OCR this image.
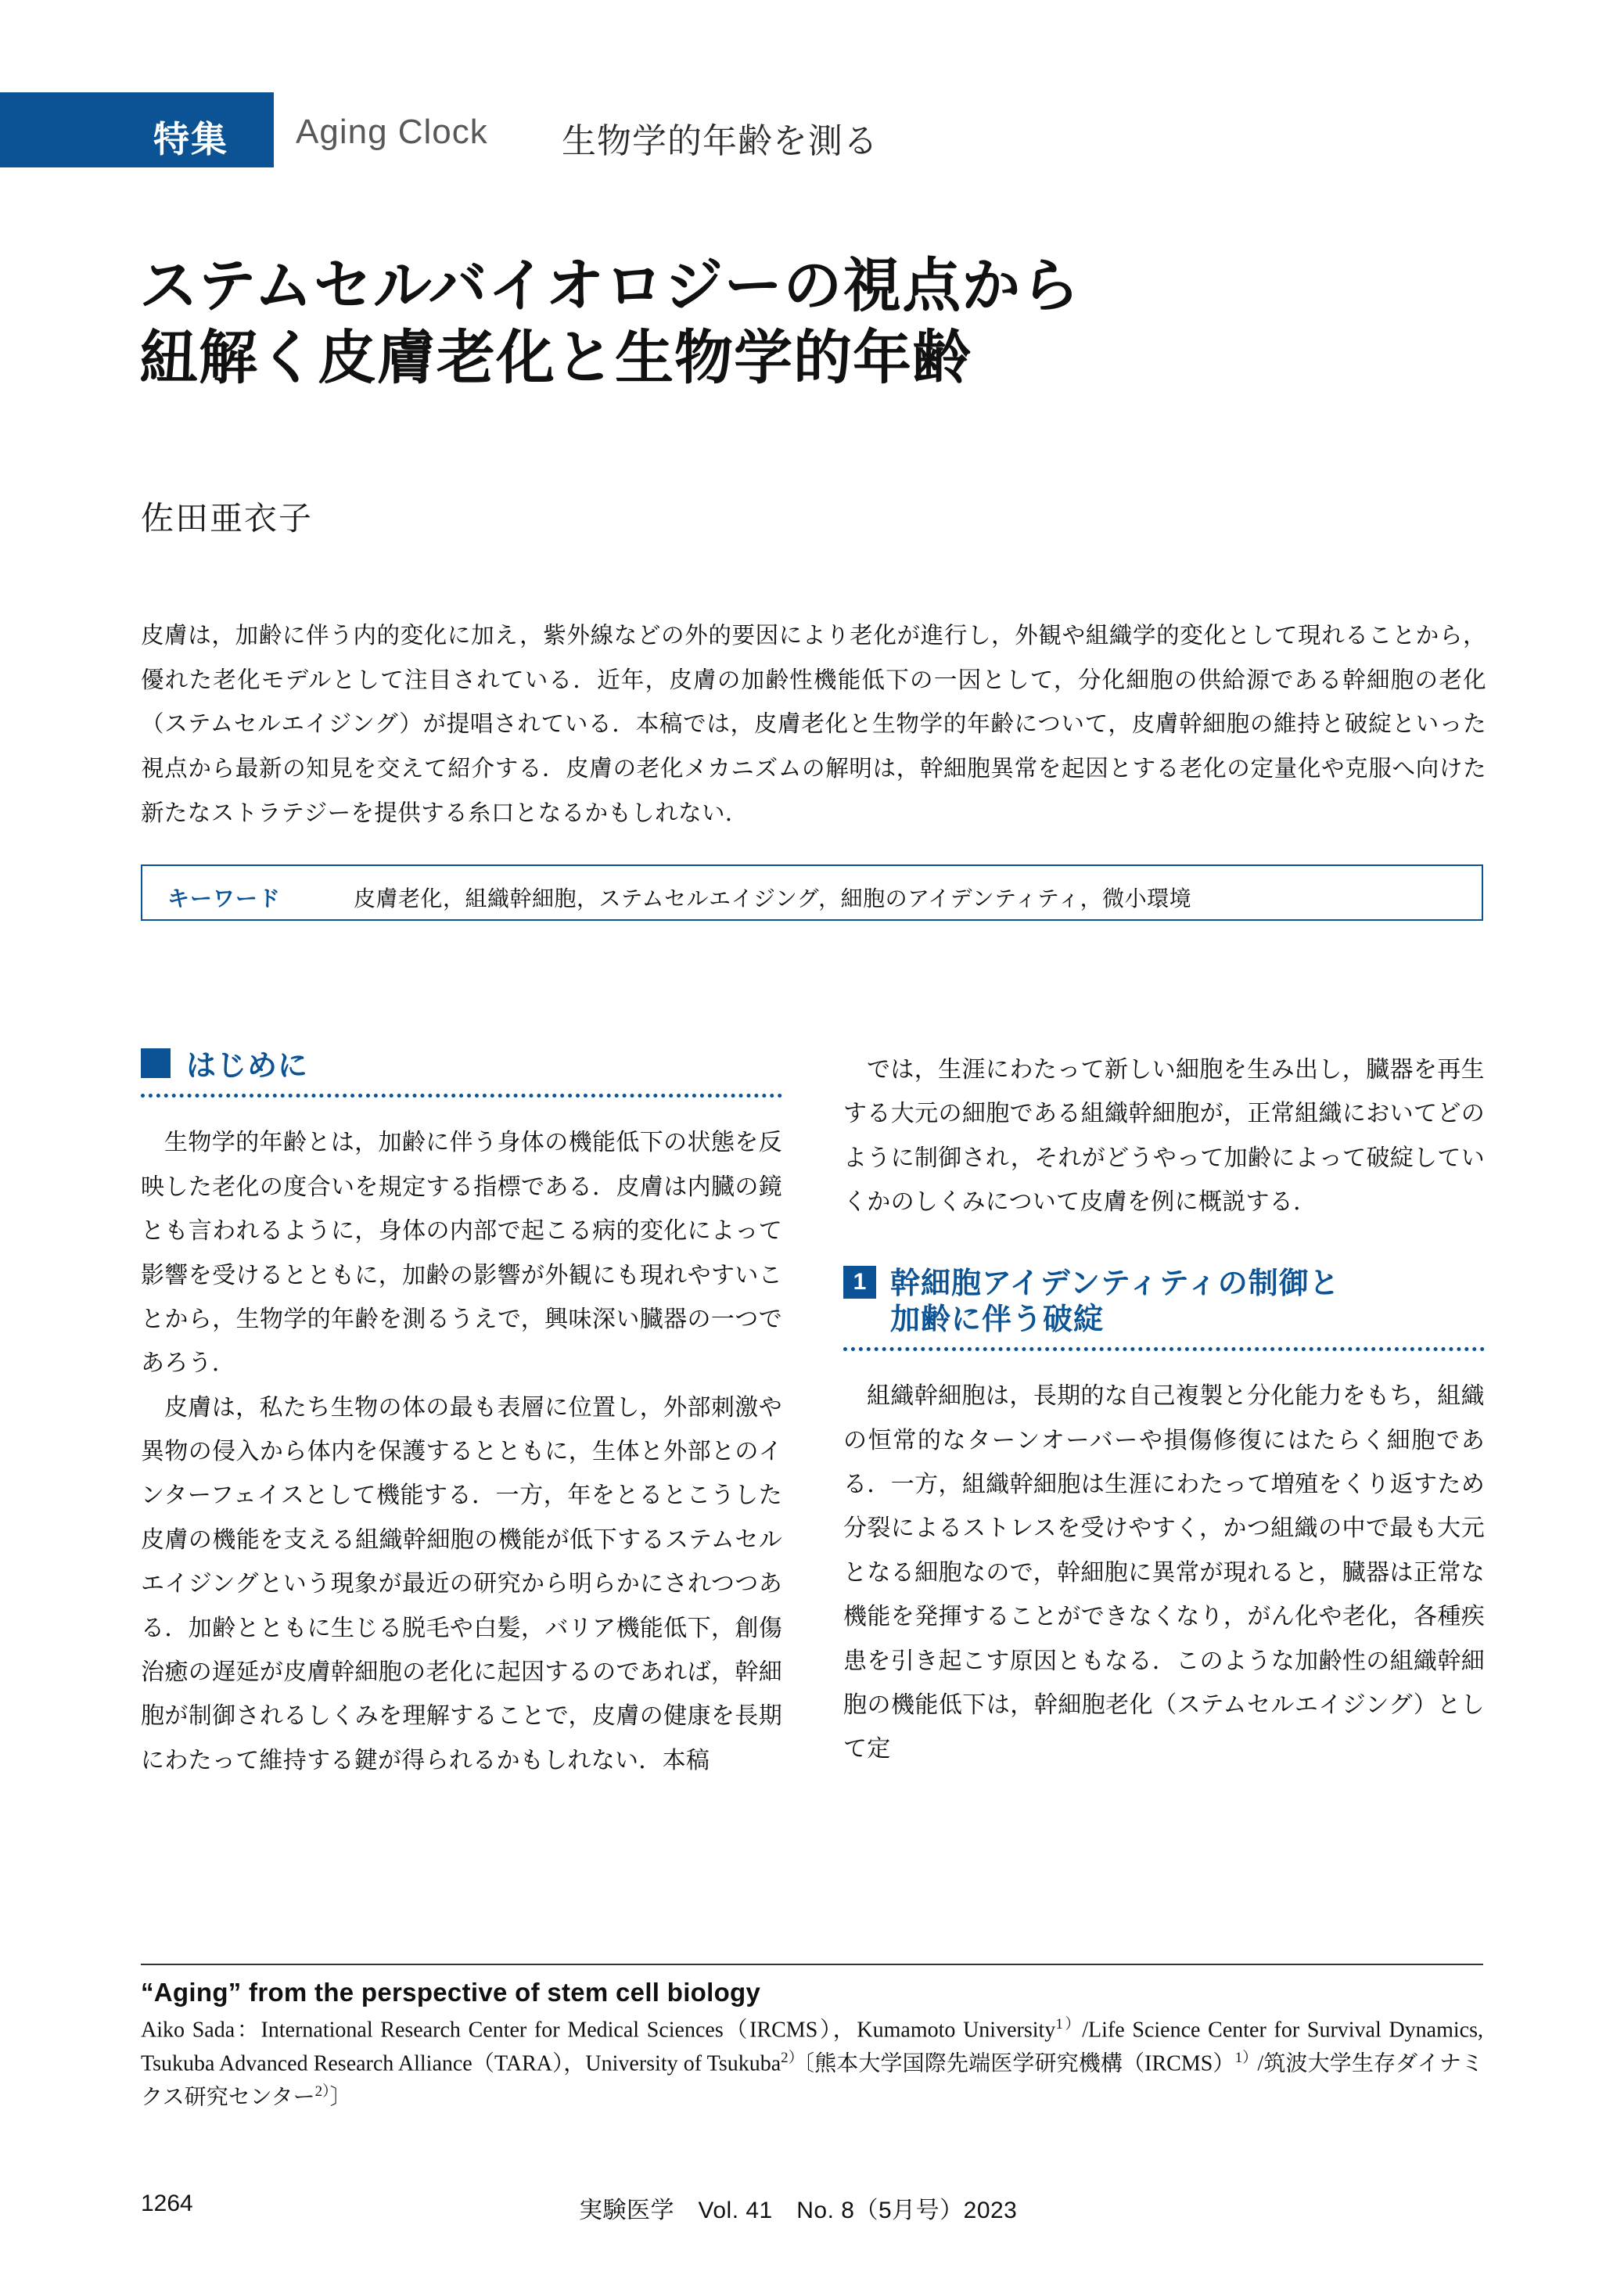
特集 Aging Clock 生物学的年齢を測る
ステムセルバイオロジーの視点から
紐解く皮膚老化と生物学的年齢
佐田亜衣子
皮膚は，加齢に伴う内的変化に加え，紫外線などの外的要因により老化が進行し，外観や組織学的変化として現れることから，優れた老化モデルとして注目されている．近年，皮膚の加齢性機能低下の一因として，分化細胞の供給源である幹細胞の老化（ステムセルエイジング）が提唱されている．本稿では，皮膚老化と生物学的年齢について，皮膚幹細胞の維持と破綻といった視点から最新の知見を交えて紹介する．皮膚の老化メカニズムの解明は，幹細胞異常を起因とする老化の定量化や克服へ向けた新たなストラテジーを提供する糸口となるかもしれない．
キーワード	皮膚老化，組織幹細胞，ステムセルエイジング，細胞のアイデンティティ，微小環境
はじめに

生物学的年齢とは，加齢に伴う身体の機能低下の状態を反映した老化の度合いを規定する指標である．皮膚は内臓の鏡とも言われるように，身体の内部で起こる病的変化によって影響を受けるとともに，加齢の影響が外観にも現れやすいことから，生物学的年齢を測るうえで，興味深い臓器の一つであろう．

皮膚は，私たち生物の体の最も表層に位置し，外部刺激や異物の侵入から体内を保護するとともに，生体と外部とのインターフェイスとして機能する．一方，年をとるとこうした皮膚の機能を支える組織幹細胞の機能が低下するステムセルエイジングという現象が最近の研究から明らかにされつつある．加齢とともに生じる脱毛や白髪，バリア機能低下，創傷治癒の遅延が皮膚幹細胞の老化に起因するのであれば，幹細胞が制御されるしくみを理解することで，皮膚の健康を長期にわたって維持する鍵が得られるかもしれない．本稿

では，生涯にわたって新しい細胞を生み出し，臓器を再生する大元の細胞である組織幹細胞が，正常組織においてどのように制御され，それがどうやって加齢によって破綻していくかのしくみについて皮膚を例に概説する．

1 幹細胞アイデンティティの制御と
加齢に伴う破綻

組織幹細胞は，長期的な自己複製と分化能力をもち，組織の恒常的なターンオーバーや損傷修復にはたらく細胞である．一方，組織幹細胞は生涯にわたって増殖をくり返すため分裂によるストレスを受けやすく，かつ組織の中で最も大元となる細胞なので，幹細胞に異常が現れると，臓器は正常な機能を発揮することができなくなり，がん化や老化，各種疾患を引き起こす原因ともなる．このような加齢性の組織幹細胞の機能低下は，幹細胞老化（ステムセルエイジング）として定

“Aging” from the perspective of stem cell biology
Aiko Sada：International Research Center for Medical Sciences（IRCMS），Kumamoto University$^{1)}$/Life Science Center for Survival Dynamics, Tsukuba Advanced Research Alliance（TARA），University of Tsukuba$^{2)}$〔熊本大学国際先端医学研究機構（IRCMS）$^{1)}$/筑波大学生存ダイナミクス研究センター$^{2)}$〕
1264	実験医学　Vol. 41　No. 8（5月号）2023
